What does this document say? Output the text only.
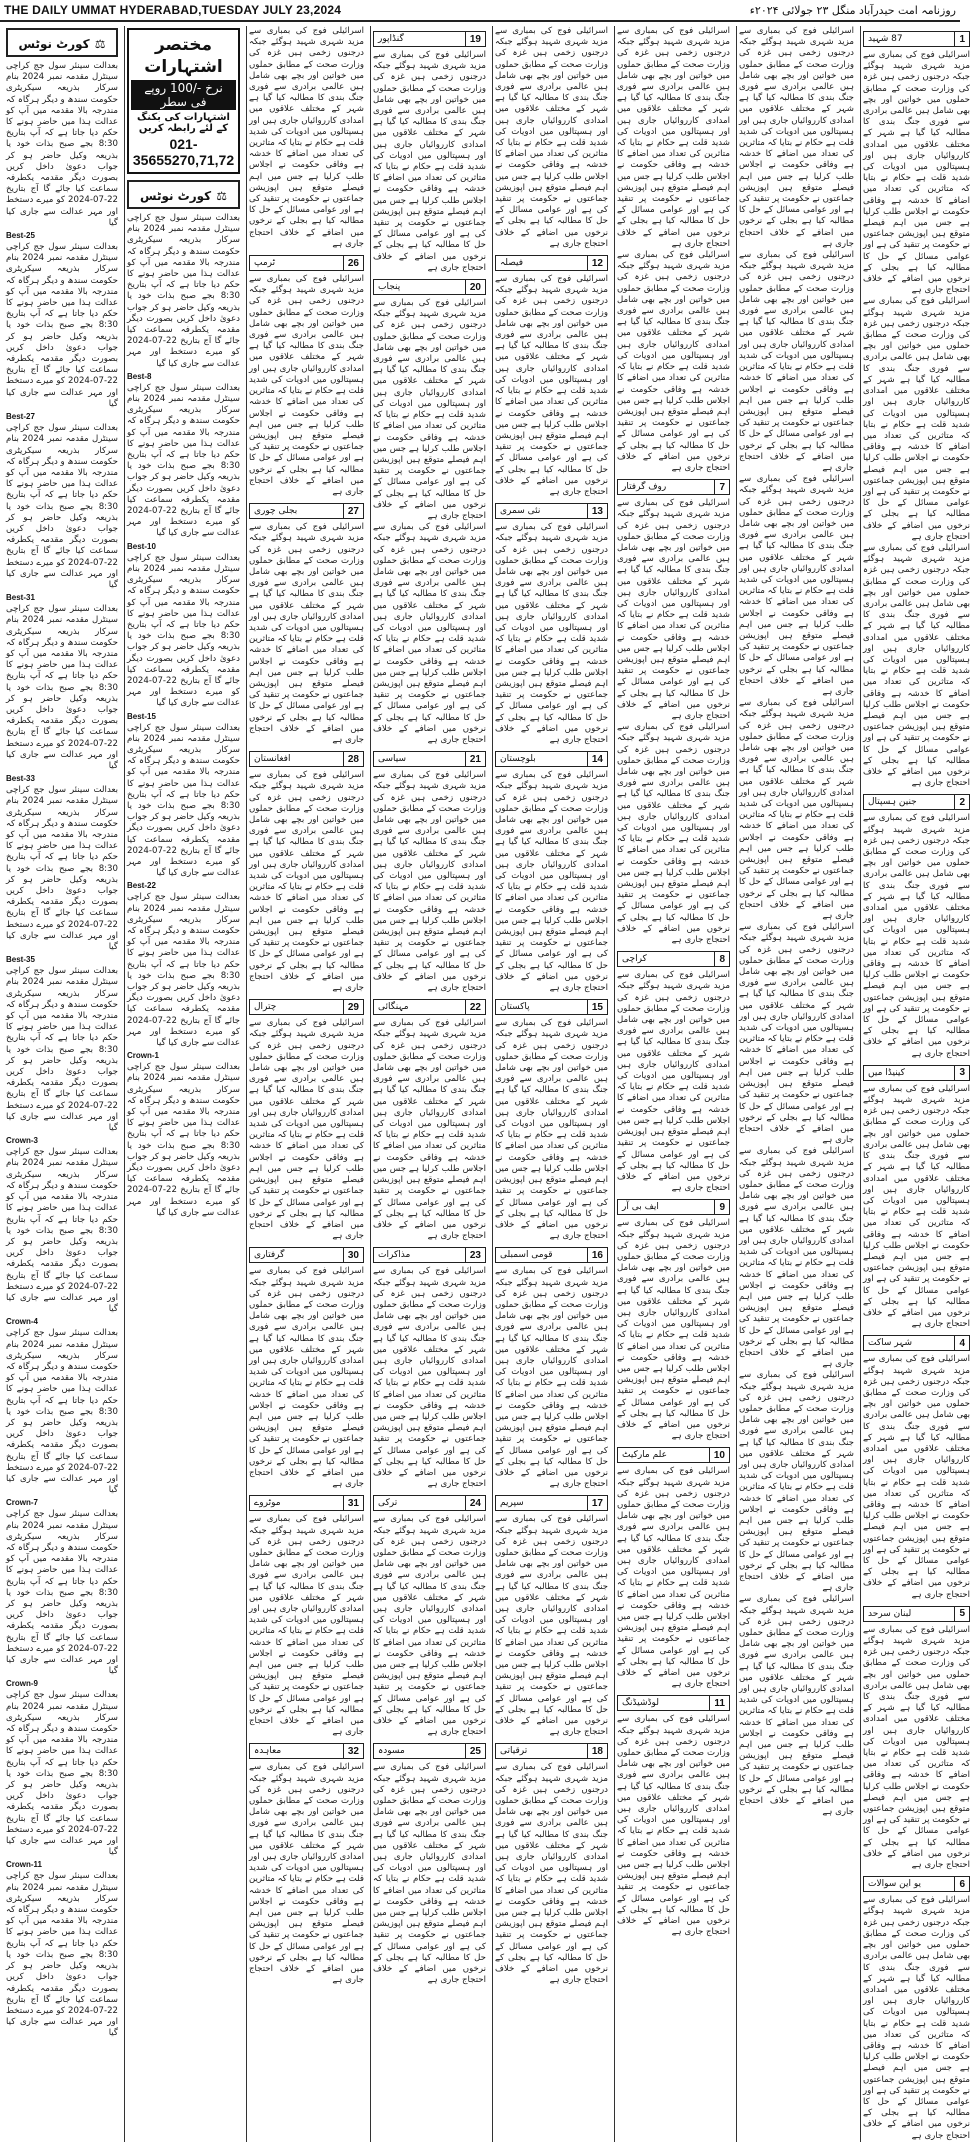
THE DAILY UMMAT HYDERABAD,TUESDAY JULY 23,2024	روزنامہ امت حیدرآباد منگل ۲۳ جولائی ۲۰۲۴ء
⚖ کورٹ نوٹس
بعدالت سینئر سول جج کراچی سینٹرل مقدمہ نمبر 2024 بنام سرکار بذریعہ سیکریٹری حکومت سندھ و دیگر ہرگاہ کہ مندرجہ بالا مقدمہ میں آپ کو عدالت ہذا میں حاضر ہونے کا حکم دیا جاتا ہے کہ آپ بتاریخ 8:30 بجے صبح بذات خود یا بذریعہ وکیل حاضر ہو کر جواب دعویٰ داخل کریں بصورت دیگر مقدمہ یکطرفہ سماعت کیا جائے گا آج بتاریخ 22-07-2024 کو میرے دستخط اور مہر عدالت سے جاری کیا گیا
Best-25
بعدالت سینئر سول جج کراچی سینٹرل مقدمہ نمبر 2024 بنام سرکار بذریعہ سیکریٹری حکومت سندھ و دیگر ہرگاہ کہ مندرجہ بالا مقدمہ میں آپ کو عدالت ہذا میں حاضر ہونے کا حکم دیا جاتا ہے کہ آپ بتاریخ 8:30 بجے صبح بذات خود یا بذریعہ وکیل حاضر ہو کر جواب دعویٰ داخل کریں بصورت دیگر مقدمہ یکطرفہ سماعت کیا جائے گا آج بتاریخ 22-07-2024 کو میرے دستخط اور مہر عدالت سے جاری کیا گیا
Best-27
بعدالت سینئر سول جج کراچی سینٹرل مقدمہ نمبر 2024 بنام سرکار بذریعہ سیکریٹری حکومت سندھ و دیگر ہرگاہ کہ مندرجہ بالا مقدمہ میں آپ کو عدالت ہذا میں حاضر ہونے کا حکم دیا جاتا ہے کہ آپ بتاریخ 8:30 بجے صبح بذات خود یا بذریعہ وکیل حاضر ہو کر جواب دعویٰ داخل کریں بصورت دیگر مقدمہ یکطرفہ سماعت کیا جائے گا آج بتاریخ 22-07-2024 کو میرے دستخط اور مہر عدالت سے جاری کیا گیا
Best-31
بعدالت سینئر سول جج کراچی سینٹرل مقدمہ نمبر 2024 بنام سرکار بذریعہ سیکریٹری حکومت سندھ و دیگر ہرگاہ کہ مندرجہ بالا مقدمہ میں آپ کو عدالت ہذا میں حاضر ہونے کا حکم دیا جاتا ہے کہ آپ بتاریخ 8:30 بجے صبح بذات خود یا بذریعہ وکیل حاضر ہو کر جواب دعویٰ داخل کریں بصورت دیگر مقدمہ یکطرفہ سماعت کیا جائے گا آج بتاریخ 22-07-2024 کو میرے دستخط اور مہر عدالت سے جاری کیا گیا
Best-33
بعدالت سینئر سول جج کراچی سینٹرل مقدمہ نمبر 2024 بنام سرکار بذریعہ سیکریٹری حکومت سندھ و دیگر ہرگاہ کہ مندرجہ بالا مقدمہ میں آپ کو عدالت ہذا میں حاضر ہونے کا حکم دیا جاتا ہے کہ آپ بتاریخ 8:30 بجے صبح بذات خود یا بذریعہ وکیل حاضر ہو کر جواب دعویٰ داخل کریں بصورت دیگر مقدمہ یکطرفہ سماعت کیا جائے گا آج بتاریخ 22-07-2024 کو میرے دستخط اور مہر عدالت سے جاری کیا گیا
Best-35
بعدالت سینئر سول جج کراچی سینٹرل مقدمہ نمبر 2024 بنام سرکار بذریعہ سیکریٹری حکومت سندھ و دیگر ہرگاہ کہ مندرجہ بالا مقدمہ میں آپ کو عدالت ہذا میں حاضر ہونے کا حکم دیا جاتا ہے کہ آپ بتاریخ 8:30 بجے صبح بذات خود یا بذریعہ وکیل حاضر ہو کر جواب دعویٰ داخل کریں بصورت دیگر مقدمہ یکطرفہ سماعت کیا جائے گا آج بتاریخ 22-07-2024 کو میرے دستخط اور مہر عدالت سے جاری کیا گیا
Crown-3
بعدالت سینئر سول جج کراچی سینٹرل مقدمہ نمبر 2024 بنام سرکار بذریعہ سیکریٹری حکومت سندھ و دیگر ہرگاہ کہ مندرجہ بالا مقدمہ میں آپ کو عدالت ہذا میں حاضر ہونے کا حکم دیا جاتا ہے کہ آپ بتاریخ 8:30 بجے صبح بذات خود یا بذریعہ وکیل حاضر ہو کر جواب دعویٰ داخل کریں بصورت دیگر مقدمہ یکطرفہ سماعت کیا جائے گا آج بتاریخ 22-07-2024 کو میرے دستخط اور مہر عدالت سے جاری کیا گیا
Crown-4
بعدالت سینئر سول جج کراچی سینٹرل مقدمہ نمبر 2024 بنام سرکار بذریعہ سیکریٹری حکومت سندھ و دیگر ہرگاہ کہ مندرجہ بالا مقدمہ میں آپ کو عدالت ہذا میں حاضر ہونے کا حکم دیا جاتا ہے کہ آپ بتاریخ 8:30 بجے صبح بذات خود یا بذریعہ وکیل حاضر ہو کر جواب دعویٰ داخل کریں بصورت دیگر مقدمہ یکطرفہ سماعت کیا جائے گا آج بتاریخ 22-07-2024 کو میرے دستخط اور مہر عدالت سے جاری کیا گیا
Crown-7
بعدالت سینئر سول جج کراچی سینٹرل مقدمہ نمبر 2024 بنام سرکار بذریعہ سیکریٹری حکومت سندھ و دیگر ہرگاہ کہ مندرجہ بالا مقدمہ میں آپ کو عدالت ہذا میں حاضر ہونے کا حکم دیا جاتا ہے کہ آپ بتاریخ 8:30 بجے صبح بذات خود یا بذریعہ وکیل حاضر ہو کر جواب دعویٰ داخل کریں بصورت دیگر مقدمہ یکطرفہ سماعت کیا جائے گا آج بتاریخ 22-07-2024 کو میرے دستخط اور مہر عدالت سے جاری کیا گیا
Crown-9
بعدالت سینئر سول جج کراچی سینٹرل مقدمہ نمبر 2024 بنام سرکار بذریعہ سیکریٹری حکومت سندھ و دیگر ہرگاہ کہ مندرجہ بالا مقدمہ میں آپ کو عدالت ہذا میں حاضر ہونے کا حکم دیا جاتا ہے کہ آپ بتاریخ 8:30 بجے صبح بذات خود یا بذریعہ وکیل حاضر ہو کر جواب دعویٰ داخل کریں بصورت دیگر مقدمہ یکطرفہ سماعت کیا جائے گا آج بتاریخ 22-07-2024 کو میرے دستخط اور مہر عدالت سے جاری کیا گیا
Crown-11
بعدالت سینئر سول جج کراچی سینٹرل مقدمہ نمبر 2024 بنام سرکار بذریعہ سیکریٹری حکومت سندھ و دیگر ہرگاہ کہ مندرجہ بالا مقدمہ میں آپ کو عدالت ہذا میں حاضر ہونے کا حکم دیا جاتا ہے کہ آپ بتاریخ 8:30 بجے صبح بذات خود یا بذریعہ وکیل حاضر ہو کر جواب دعویٰ داخل کریں بصورت دیگر مقدمہ یکطرفہ سماعت کیا جائے گا آج بتاریخ 22-07-2024 کو میرے دستخط اور مہر عدالت سے جاری کیا گیا
مختصر اشتہارات
نرخ -/100 روپے فی سطر
اشتہارات کی بکنگ کے لئے رابطہ کریں
021-35655270,71,72
⚖ کورٹ نوٹس
بعدالت سینئر سول جج کراچی سینٹرل مقدمہ نمبر 2024 بنام سرکار بذریعہ سیکریٹری حکومت سندھ و دیگر ہرگاہ کہ مندرجہ بالا مقدمہ میں آپ کو عدالت ہذا میں حاضر ہونے کا حکم دیا جاتا ہے کہ آپ بتاریخ 8:30 بجے صبح بذات خود یا بذریعہ وکیل حاضر ہو کر جواب دعویٰ داخل کریں بصورت دیگر مقدمہ یکطرفہ سماعت کیا جائے گا آج بتاریخ 22-07-2024 کو میرے دستخط اور مہر عدالت سے جاری کیا گیا
Best-8
بعدالت سینئر سول جج کراچی سینٹرل مقدمہ نمبر 2024 بنام سرکار بذریعہ سیکریٹری حکومت سندھ و دیگر ہرگاہ کہ مندرجہ بالا مقدمہ میں آپ کو عدالت ہذا میں حاضر ہونے کا حکم دیا جاتا ہے کہ آپ بتاریخ 8:30 بجے صبح بذات خود یا بذریعہ وکیل حاضر ہو کر جواب دعویٰ داخل کریں بصورت دیگر مقدمہ یکطرفہ سماعت کیا جائے گا آج بتاریخ 22-07-2024 کو میرے دستخط اور مہر عدالت سے جاری کیا گیا
Best-10
بعدالت سینئر سول جج کراچی سینٹرل مقدمہ نمبر 2024 بنام سرکار بذریعہ سیکریٹری حکومت سندھ و دیگر ہرگاہ کہ مندرجہ بالا مقدمہ میں آپ کو عدالت ہذا میں حاضر ہونے کا حکم دیا جاتا ہے کہ آپ بتاریخ 8:30 بجے صبح بذات خود یا بذریعہ وکیل حاضر ہو کر جواب دعویٰ داخل کریں بصورت دیگر مقدمہ یکطرفہ سماعت کیا جائے گا آج بتاریخ 22-07-2024 کو میرے دستخط اور مہر عدالت سے جاری کیا گیا
Best-15
بعدالت سینئر سول جج کراچی سینٹرل مقدمہ نمبر 2024 بنام سرکار بذریعہ سیکریٹری حکومت سندھ و دیگر ہرگاہ کہ مندرجہ بالا مقدمہ میں آپ کو عدالت ہذا میں حاضر ہونے کا حکم دیا جاتا ہے کہ آپ بتاریخ 8:30 بجے صبح بذات خود یا بذریعہ وکیل حاضر ہو کر جواب دعویٰ داخل کریں بصورت دیگر مقدمہ یکطرفہ سماعت کیا جائے گا آج بتاریخ 22-07-2024 کو میرے دستخط اور مہر عدالت سے جاری کیا گیا
Best-22
بعدالت سینئر سول جج کراچی سینٹرل مقدمہ نمبر 2024 بنام سرکار بذریعہ سیکریٹری حکومت سندھ و دیگر ہرگاہ کہ مندرجہ بالا مقدمہ میں آپ کو عدالت ہذا میں حاضر ہونے کا حکم دیا جاتا ہے کہ آپ بتاریخ 8:30 بجے صبح بذات خود یا بذریعہ وکیل حاضر ہو کر جواب دعویٰ داخل کریں بصورت دیگر مقدمہ یکطرفہ سماعت کیا جائے گا آج بتاریخ 22-07-2024 کو میرے دستخط اور مہر عدالت سے جاری کیا گیا
Crown-1
بعدالت سینئر سول جج کراچی سینٹرل مقدمہ نمبر 2024 بنام سرکار بذریعہ سیکریٹری حکومت سندھ و دیگر ہرگاہ کہ مندرجہ بالا مقدمہ میں آپ کو عدالت ہذا میں حاضر ہونے کا حکم دیا جاتا ہے کہ آپ بتاریخ 8:30 بجے صبح بذات خود یا بذریعہ وکیل حاضر ہو کر جواب دعویٰ داخل کریں بصورت دیگر مقدمہ یکطرفہ سماعت کیا جائے گا آج بتاریخ 22-07-2024 کو میرے دستخط اور مہر عدالت سے جاری کیا گیا
اسرائیلی فوج کی بمباری سے مزید شہری شہید ہوگئے جبکہ درجنوں زخمی ہیں غزہ کی وزارت صحت کے مطابق حملوں میں خواتین اور بچے بھی شامل ہیں عالمی برادری سے فوری جنگ بندی کا مطالبہ کیا گیا ہے شہر کے مختلف علاقوں میں امدادی کارروائیاں جاری ہیں اور ہسپتالوں میں ادویات کی شدید قلت ہے حکام نے بتایا کہ متاثرین کی تعداد میں اضافے کا خدشہ ہے وفاقی حکومت نے اجلاس طلب کرلیا ہے جس میں اہم فیصلے متوقع ہیں اپوزیشن جماعتوں نے حکومت پر تنقید کی ہے اور عوامی مسائل کے حل کا مطالبہ کیا ہے بجلی کے نرخوں میں اضافے کے خلاف احتجاج جاری ہے
26
ٹرمپ
اسرائیلی فوج کی بمباری سے مزید شہری شہید ہوگئے جبکہ درجنوں زخمی ہیں غزہ کی وزارت صحت کے مطابق حملوں میں خواتین اور بچے بھی شامل ہیں عالمی برادری سے فوری جنگ بندی کا مطالبہ کیا گیا ہے شہر کے مختلف علاقوں میں امدادی کارروائیاں جاری ہیں اور ہسپتالوں میں ادویات کی شدید قلت ہے حکام نے بتایا کہ متاثرین کی تعداد میں اضافے کا خدشہ ہے وفاقی حکومت نے اجلاس طلب کرلیا ہے جس میں اہم فیصلے متوقع ہیں اپوزیشن جماعتوں نے حکومت پر تنقید کی ہے اور عوامی مسائل کے حل کا مطالبہ کیا ہے بجلی کے نرخوں میں اضافے کے خلاف احتجاج جاری ہے
27
بجلی چوری
اسرائیلی فوج کی بمباری سے مزید شہری شہید ہوگئے جبکہ درجنوں زخمی ہیں غزہ کی وزارت صحت کے مطابق حملوں میں خواتین اور بچے بھی شامل ہیں عالمی برادری سے فوری جنگ بندی کا مطالبہ کیا گیا ہے شہر کے مختلف علاقوں میں امدادی کارروائیاں جاری ہیں اور ہسپتالوں میں ادویات کی شدید قلت ہے حکام نے بتایا کہ متاثرین کی تعداد میں اضافے کا خدشہ ہے وفاقی حکومت نے اجلاس طلب کرلیا ہے جس میں اہم فیصلے متوقع ہیں اپوزیشن جماعتوں نے حکومت پر تنقید کی ہے اور عوامی مسائل کے حل کا مطالبہ کیا ہے بجلی کے نرخوں میں اضافے کے خلاف احتجاج جاری ہے
28
افغانستان
اسرائیلی فوج کی بمباری سے مزید شہری شہید ہوگئے جبکہ درجنوں زخمی ہیں غزہ کی وزارت صحت کے مطابق حملوں میں خواتین اور بچے بھی شامل ہیں عالمی برادری سے فوری جنگ بندی کا مطالبہ کیا گیا ہے شہر کے مختلف علاقوں میں امدادی کارروائیاں جاری ہیں اور ہسپتالوں میں ادویات کی شدید قلت ہے حکام نے بتایا کہ متاثرین کی تعداد میں اضافے کا خدشہ ہے وفاقی حکومت نے اجلاس طلب کرلیا ہے جس میں اہم فیصلے متوقع ہیں اپوزیشن جماعتوں نے حکومت پر تنقید کی ہے اور عوامی مسائل کے حل کا مطالبہ کیا ہے بجلی کے نرخوں میں اضافے کے خلاف احتجاج جاری ہے
29
چترال
اسرائیلی فوج کی بمباری سے مزید شہری شہید ہوگئے جبکہ درجنوں زخمی ہیں غزہ کی وزارت صحت کے مطابق حملوں میں خواتین اور بچے بھی شامل ہیں عالمی برادری سے فوری جنگ بندی کا مطالبہ کیا گیا ہے شہر کے مختلف علاقوں میں امدادی کارروائیاں جاری ہیں اور ہسپتالوں میں ادویات کی شدید قلت ہے حکام نے بتایا کہ متاثرین کی تعداد میں اضافے کا خدشہ ہے وفاقی حکومت نے اجلاس طلب کرلیا ہے جس میں اہم فیصلے متوقع ہیں اپوزیشن جماعتوں نے حکومت پر تنقید کی ہے اور عوامی مسائل کے حل کا مطالبہ کیا ہے بجلی کے نرخوں میں اضافے کے خلاف احتجاج جاری ہے
30
گرفتاری
اسرائیلی فوج کی بمباری سے مزید شہری شہید ہوگئے جبکہ درجنوں زخمی ہیں غزہ کی وزارت صحت کے مطابق حملوں میں خواتین اور بچے بھی شامل ہیں عالمی برادری سے فوری جنگ بندی کا مطالبہ کیا گیا ہے شہر کے مختلف علاقوں میں امدادی کارروائیاں جاری ہیں اور ہسپتالوں میں ادویات کی شدید قلت ہے حکام نے بتایا کہ متاثرین کی تعداد میں اضافے کا خدشہ ہے وفاقی حکومت نے اجلاس طلب کرلیا ہے جس میں اہم فیصلے متوقع ہیں اپوزیشن جماعتوں نے حکومت پر تنقید کی ہے اور عوامی مسائل کے حل کا مطالبہ کیا ہے بجلی کے نرخوں میں اضافے کے خلاف احتجاج جاری ہے
31
موٹروے
اسرائیلی فوج کی بمباری سے مزید شہری شہید ہوگئے جبکہ درجنوں زخمی ہیں غزہ کی وزارت صحت کے مطابق حملوں میں خواتین اور بچے بھی شامل ہیں عالمی برادری سے فوری جنگ بندی کا مطالبہ کیا گیا ہے شہر کے مختلف علاقوں میں امدادی کارروائیاں جاری ہیں اور ہسپتالوں میں ادویات کی شدید قلت ہے حکام نے بتایا کہ متاثرین کی تعداد میں اضافے کا خدشہ ہے وفاقی حکومت نے اجلاس طلب کرلیا ہے جس میں اہم فیصلے متوقع ہیں اپوزیشن جماعتوں نے حکومت پر تنقید کی ہے اور عوامی مسائل کے حل کا مطالبہ کیا ہے بجلی کے نرخوں میں اضافے کے خلاف احتجاج جاری ہے
32
معاہدہ
اسرائیلی فوج کی بمباری سے مزید شہری شہید ہوگئے جبکہ درجنوں زخمی ہیں غزہ کی وزارت صحت کے مطابق حملوں میں خواتین اور بچے بھی شامل ہیں عالمی برادری سے فوری جنگ بندی کا مطالبہ کیا گیا ہے شہر کے مختلف علاقوں میں امدادی کارروائیاں جاری ہیں اور ہسپتالوں میں ادویات کی شدید قلت ہے حکام نے بتایا کہ متاثرین کی تعداد میں اضافے کا خدشہ ہے وفاقی حکومت نے اجلاس طلب کرلیا ہے جس میں اہم فیصلے متوقع ہیں اپوزیشن جماعتوں نے حکومت پر تنقید کی ہے اور عوامی مسائل کے حل کا مطالبہ کیا ہے بجلی کے نرخوں میں اضافے کے خلاف احتجاج جاری ہے
19
گنڈاپور
اسرائیلی فوج کی بمباری سے مزید شہری شہید ہوگئے جبکہ درجنوں زخمی ہیں غزہ کی وزارت صحت کے مطابق حملوں میں خواتین اور بچے بھی شامل ہیں عالمی برادری سے فوری جنگ بندی کا مطالبہ کیا گیا ہے شہر کے مختلف علاقوں میں امدادی کارروائیاں جاری ہیں اور ہسپتالوں میں ادویات کی شدید قلت ہے حکام نے بتایا کہ متاثرین کی تعداد میں اضافے کا خدشہ ہے وفاقی حکومت نے اجلاس طلب کرلیا ہے جس میں اہم فیصلے متوقع ہیں اپوزیشن جماعتوں نے حکومت پر تنقید کی ہے اور عوامی مسائل کے حل کا مطالبہ کیا ہے بجلی کے نرخوں میں اضافے کے خلاف احتجاج جاری ہے
20
پنجاب
اسرائیلی فوج کی بمباری سے مزید شہری شہید ہوگئے جبکہ درجنوں زخمی ہیں غزہ کی وزارت صحت کے مطابق حملوں میں خواتین اور بچے بھی شامل ہیں عالمی برادری سے فوری جنگ بندی کا مطالبہ کیا گیا ہے شہر کے مختلف علاقوں میں امدادی کارروائیاں جاری ہیں اور ہسپتالوں میں ادویات کی شدید قلت ہے حکام نے بتایا کہ متاثرین کی تعداد میں اضافے کا خدشہ ہے وفاقی حکومت نے اجلاس طلب کرلیا ہے جس میں اہم فیصلے متوقع ہیں اپوزیشن جماعتوں نے حکومت پر تنقید کی ہے اور عوامی مسائل کے حل کا مطالبہ کیا ہے بجلی کے نرخوں میں اضافے کے خلاف احتجاج جاری ہے
اسرائیلی فوج کی بمباری سے مزید شہری شہید ہوگئے جبکہ درجنوں زخمی ہیں غزہ کی وزارت صحت کے مطابق حملوں میں خواتین اور بچے بھی شامل ہیں عالمی برادری سے فوری جنگ بندی کا مطالبہ کیا گیا ہے شہر کے مختلف علاقوں میں امدادی کارروائیاں جاری ہیں اور ہسپتالوں میں ادویات کی شدید قلت ہے حکام نے بتایا کہ متاثرین کی تعداد میں اضافے کا خدشہ ہے وفاقی حکومت نے اجلاس طلب کرلیا ہے جس میں اہم فیصلے متوقع ہیں اپوزیشن جماعتوں نے حکومت پر تنقید کی ہے اور عوامی مسائل کے حل کا مطالبہ کیا ہے بجلی کے نرخوں میں اضافے کے خلاف احتجاج جاری ہے
21
سیاسی
اسرائیلی فوج کی بمباری سے مزید شہری شہید ہوگئے جبکہ درجنوں زخمی ہیں غزہ کی وزارت صحت کے مطابق حملوں میں خواتین اور بچے بھی شامل ہیں عالمی برادری سے فوری جنگ بندی کا مطالبہ کیا گیا ہے شہر کے مختلف علاقوں میں امدادی کارروائیاں جاری ہیں اور ہسپتالوں میں ادویات کی شدید قلت ہے حکام نے بتایا کہ متاثرین کی تعداد میں اضافے کا خدشہ ہے وفاقی حکومت نے اجلاس طلب کرلیا ہے جس میں اہم فیصلے متوقع ہیں اپوزیشن جماعتوں نے حکومت پر تنقید کی ہے اور عوامی مسائل کے حل کا مطالبہ کیا ہے بجلی کے نرخوں میں اضافے کے خلاف احتجاج جاری ہے
22
مہنگائی
اسرائیلی فوج کی بمباری سے مزید شہری شہید ہوگئے جبکہ درجنوں زخمی ہیں غزہ کی وزارت صحت کے مطابق حملوں میں خواتین اور بچے بھی شامل ہیں عالمی برادری سے فوری جنگ بندی کا مطالبہ کیا گیا ہے شہر کے مختلف علاقوں میں امدادی کارروائیاں جاری ہیں اور ہسپتالوں میں ادویات کی شدید قلت ہے حکام نے بتایا کہ متاثرین کی تعداد میں اضافے کا خدشہ ہے وفاقی حکومت نے اجلاس طلب کرلیا ہے جس میں اہم فیصلے متوقع ہیں اپوزیشن جماعتوں نے حکومت پر تنقید کی ہے اور عوامی مسائل کے حل کا مطالبہ کیا ہے بجلی کے نرخوں میں اضافے کے خلاف احتجاج جاری ہے
23
مذاکرات
اسرائیلی فوج کی بمباری سے مزید شہری شہید ہوگئے جبکہ درجنوں زخمی ہیں غزہ کی وزارت صحت کے مطابق حملوں میں خواتین اور بچے بھی شامل ہیں عالمی برادری سے فوری جنگ بندی کا مطالبہ کیا گیا ہے شہر کے مختلف علاقوں میں امدادی کارروائیاں جاری ہیں اور ہسپتالوں میں ادویات کی شدید قلت ہے حکام نے بتایا کہ متاثرین کی تعداد میں اضافے کا خدشہ ہے وفاقی حکومت نے اجلاس طلب کرلیا ہے جس میں اہم فیصلے متوقع ہیں اپوزیشن جماعتوں نے حکومت پر تنقید کی ہے اور عوامی مسائل کے حل کا مطالبہ کیا ہے بجلی کے نرخوں میں اضافے کے خلاف احتجاج جاری ہے
24
ترکی
اسرائیلی فوج کی بمباری سے مزید شہری شہید ہوگئے جبکہ درجنوں زخمی ہیں غزہ کی وزارت صحت کے مطابق حملوں میں خواتین اور بچے بھی شامل ہیں عالمی برادری سے فوری جنگ بندی کا مطالبہ کیا گیا ہے شہر کے مختلف علاقوں میں امدادی کارروائیاں جاری ہیں اور ہسپتالوں میں ادویات کی شدید قلت ہے حکام نے بتایا کہ متاثرین کی تعداد میں اضافے کا خدشہ ہے وفاقی حکومت نے اجلاس طلب کرلیا ہے جس میں اہم فیصلے متوقع ہیں اپوزیشن جماعتوں نے حکومت پر تنقید کی ہے اور عوامی مسائل کے حل کا مطالبہ کیا ہے بجلی کے نرخوں میں اضافے کے خلاف احتجاج جاری ہے
25
مسودہ
اسرائیلی فوج کی بمباری سے مزید شہری شہید ہوگئے جبکہ درجنوں زخمی ہیں غزہ کی وزارت صحت کے مطابق حملوں میں خواتین اور بچے بھی شامل ہیں عالمی برادری سے فوری جنگ بندی کا مطالبہ کیا گیا ہے شہر کے مختلف علاقوں میں امدادی کارروائیاں جاری ہیں اور ہسپتالوں میں ادویات کی شدید قلت ہے حکام نے بتایا کہ متاثرین کی تعداد میں اضافے کا خدشہ ہے وفاقی حکومت نے اجلاس طلب کرلیا ہے جس میں اہم فیصلے متوقع ہیں اپوزیشن جماعتوں نے حکومت پر تنقید کی ہے اور عوامی مسائل کے حل کا مطالبہ کیا ہے بجلی کے نرخوں میں اضافے کے خلاف احتجاج جاری ہے
اسرائیلی فوج کی بمباری سے مزید شہری شہید ہوگئے جبکہ درجنوں زخمی ہیں غزہ کی وزارت صحت کے مطابق حملوں میں خواتین اور بچے بھی شامل ہیں عالمی برادری سے فوری جنگ بندی کا مطالبہ کیا گیا ہے شہر کے مختلف علاقوں میں امدادی کارروائیاں جاری ہیں اور ہسپتالوں میں ادویات کی شدید قلت ہے حکام نے بتایا کہ متاثرین کی تعداد میں اضافے کا خدشہ ہے وفاقی حکومت نے اجلاس طلب کرلیا ہے جس میں اہم فیصلے متوقع ہیں اپوزیشن جماعتوں نے حکومت پر تنقید کی ہے اور عوامی مسائل کے حل کا مطالبہ کیا ہے بجلی کے نرخوں میں اضافے کے خلاف احتجاج جاری ہے
12
فیصلہ
اسرائیلی فوج کی بمباری سے مزید شہری شہید ہوگئے جبکہ درجنوں زخمی ہیں غزہ کی وزارت صحت کے مطابق حملوں میں خواتین اور بچے بھی شامل ہیں عالمی برادری سے فوری جنگ بندی کا مطالبہ کیا گیا ہے شہر کے مختلف علاقوں میں امدادی کارروائیاں جاری ہیں اور ہسپتالوں میں ادویات کی شدید قلت ہے حکام نے بتایا کہ متاثرین کی تعداد میں اضافے کا خدشہ ہے وفاقی حکومت نے اجلاس طلب کرلیا ہے جس میں اہم فیصلے متوقع ہیں اپوزیشن جماعتوں نے حکومت پر تنقید کی ہے اور عوامی مسائل کے حل کا مطالبہ کیا ہے بجلی کے نرخوں میں اضافے کے خلاف احتجاج جاری ہے
13
نئی سمری
اسرائیلی فوج کی بمباری سے مزید شہری شہید ہوگئے جبکہ درجنوں زخمی ہیں غزہ کی وزارت صحت کے مطابق حملوں میں خواتین اور بچے بھی شامل ہیں عالمی برادری سے فوری جنگ بندی کا مطالبہ کیا گیا ہے شہر کے مختلف علاقوں میں امدادی کارروائیاں جاری ہیں اور ہسپتالوں میں ادویات کی شدید قلت ہے حکام نے بتایا کہ متاثرین کی تعداد میں اضافے کا خدشہ ہے وفاقی حکومت نے اجلاس طلب کرلیا ہے جس میں اہم فیصلے متوقع ہیں اپوزیشن جماعتوں نے حکومت پر تنقید کی ہے اور عوامی مسائل کے حل کا مطالبہ کیا ہے بجلی کے نرخوں میں اضافے کے خلاف احتجاج جاری ہے
14
بلوچستان
اسرائیلی فوج کی بمباری سے مزید شہری شہید ہوگئے جبکہ درجنوں زخمی ہیں غزہ کی وزارت صحت کے مطابق حملوں میں خواتین اور بچے بھی شامل ہیں عالمی برادری سے فوری جنگ بندی کا مطالبہ کیا گیا ہے شہر کے مختلف علاقوں میں امدادی کارروائیاں جاری ہیں اور ہسپتالوں میں ادویات کی شدید قلت ہے حکام نے بتایا کہ متاثرین کی تعداد میں اضافے کا خدشہ ہے وفاقی حکومت نے اجلاس طلب کرلیا ہے جس میں اہم فیصلے متوقع ہیں اپوزیشن جماعتوں نے حکومت پر تنقید کی ہے اور عوامی مسائل کے حل کا مطالبہ کیا ہے بجلی کے نرخوں میں اضافے کے خلاف احتجاج جاری ہے
15
پاکستان
اسرائیلی فوج کی بمباری سے مزید شہری شہید ہوگئے جبکہ درجنوں زخمی ہیں غزہ کی وزارت صحت کے مطابق حملوں میں خواتین اور بچے بھی شامل ہیں عالمی برادری سے فوری جنگ بندی کا مطالبہ کیا گیا ہے شہر کے مختلف علاقوں میں امدادی کارروائیاں جاری ہیں اور ہسپتالوں میں ادویات کی شدید قلت ہے حکام نے بتایا کہ متاثرین کی تعداد میں اضافے کا خدشہ ہے وفاقی حکومت نے اجلاس طلب کرلیا ہے جس میں اہم فیصلے متوقع ہیں اپوزیشن جماعتوں نے حکومت پر تنقید کی ہے اور عوامی مسائل کے حل کا مطالبہ کیا ہے بجلی کے نرخوں میں اضافے کے خلاف احتجاج جاری ہے
16
قومی اسمبلی
اسرائیلی فوج کی بمباری سے مزید شہری شہید ہوگئے جبکہ درجنوں زخمی ہیں غزہ کی وزارت صحت کے مطابق حملوں میں خواتین اور بچے بھی شامل ہیں عالمی برادری سے فوری جنگ بندی کا مطالبہ کیا گیا ہے شہر کے مختلف علاقوں میں امدادی کارروائیاں جاری ہیں اور ہسپتالوں میں ادویات کی شدید قلت ہے حکام نے بتایا کہ متاثرین کی تعداد میں اضافے کا خدشہ ہے وفاقی حکومت نے اجلاس طلب کرلیا ہے جس میں اہم فیصلے متوقع ہیں اپوزیشن جماعتوں نے حکومت پر تنقید کی ہے اور عوامی مسائل کے حل کا مطالبہ کیا ہے بجلی کے نرخوں میں اضافے کے خلاف احتجاج جاری ہے
17
سپریم
اسرائیلی فوج کی بمباری سے مزید شہری شہید ہوگئے جبکہ درجنوں زخمی ہیں غزہ کی وزارت صحت کے مطابق حملوں میں خواتین اور بچے بھی شامل ہیں عالمی برادری سے فوری جنگ بندی کا مطالبہ کیا گیا ہے شہر کے مختلف علاقوں میں امدادی کارروائیاں جاری ہیں اور ہسپتالوں میں ادویات کی شدید قلت ہے حکام نے بتایا کہ متاثرین کی تعداد میں اضافے کا خدشہ ہے وفاقی حکومت نے اجلاس طلب کرلیا ہے جس میں اہم فیصلے متوقع ہیں اپوزیشن جماعتوں نے حکومت پر تنقید کی ہے اور عوامی مسائل کے حل کا مطالبہ کیا ہے بجلی کے نرخوں میں اضافے کے خلاف احتجاج جاری ہے
18
ترقیاتی
اسرائیلی فوج کی بمباری سے مزید شہری شہید ہوگئے جبکہ درجنوں زخمی ہیں غزہ کی وزارت صحت کے مطابق حملوں میں خواتین اور بچے بھی شامل ہیں عالمی برادری سے فوری جنگ بندی کا مطالبہ کیا گیا ہے شہر کے مختلف علاقوں میں امدادی کارروائیاں جاری ہیں اور ہسپتالوں میں ادویات کی شدید قلت ہے حکام نے بتایا کہ متاثرین کی تعداد میں اضافے کا خدشہ ہے وفاقی حکومت نے اجلاس طلب کرلیا ہے جس میں اہم فیصلے متوقع ہیں اپوزیشن جماعتوں نے حکومت پر تنقید کی ہے اور عوامی مسائل کے حل کا مطالبہ کیا ہے بجلی کے نرخوں میں اضافے کے خلاف احتجاج جاری ہے
اسرائیلی فوج کی بمباری سے مزید شہری شہید ہوگئے جبکہ درجنوں زخمی ہیں غزہ کی وزارت صحت کے مطابق حملوں میں خواتین اور بچے بھی شامل ہیں عالمی برادری سے فوری جنگ بندی کا مطالبہ کیا گیا ہے شہر کے مختلف علاقوں میں امدادی کارروائیاں جاری ہیں اور ہسپتالوں میں ادویات کی شدید قلت ہے حکام نے بتایا کہ متاثرین کی تعداد میں اضافے کا خدشہ ہے وفاقی حکومت نے اجلاس طلب کرلیا ہے جس میں اہم فیصلے متوقع ہیں اپوزیشن جماعتوں نے حکومت پر تنقید کی ہے اور عوامی مسائل کے حل کا مطالبہ کیا ہے بجلی کے نرخوں میں اضافے کے خلاف احتجاج جاری ہے
اسرائیلی فوج کی بمباری سے مزید شہری شہید ہوگئے جبکہ درجنوں زخمی ہیں غزہ کی وزارت صحت کے مطابق حملوں میں خواتین اور بچے بھی شامل ہیں عالمی برادری سے فوری جنگ بندی کا مطالبہ کیا گیا ہے شہر کے مختلف علاقوں میں امدادی کارروائیاں جاری ہیں اور ہسپتالوں میں ادویات کی شدید قلت ہے حکام نے بتایا کہ متاثرین کی تعداد میں اضافے کا خدشہ ہے وفاقی حکومت نے اجلاس طلب کرلیا ہے جس میں اہم فیصلے متوقع ہیں اپوزیشن جماعتوں نے حکومت پر تنقید کی ہے اور عوامی مسائل کے حل کا مطالبہ کیا ہے بجلی کے نرخوں میں اضافے کے خلاف احتجاج جاری ہے
7
روف گرفتار
اسرائیلی فوج کی بمباری سے مزید شہری شہید ہوگئے جبکہ درجنوں زخمی ہیں غزہ کی وزارت صحت کے مطابق حملوں میں خواتین اور بچے بھی شامل ہیں عالمی برادری سے فوری جنگ بندی کا مطالبہ کیا گیا ہے شہر کے مختلف علاقوں میں امدادی کارروائیاں جاری ہیں اور ہسپتالوں میں ادویات کی شدید قلت ہے حکام نے بتایا کہ متاثرین کی تعداد میں اضافے کا خدشہ ہے وفاقی حکومت نے اجلاس طلب کرلیا ہے جس میں اہم فیصلے متوقع ہیں اپوزیشن جماعتوں نے حکومت پر تنقید کی ہے اور عوامی مسائل کے حل کا مطالبہ کیا ہے بجلی کے نرخوں میں اضافے کے خلاف احتجاج جاری ہے
اسرائیلی فوج کی بمباری سے مزید شہری شہید ہوگئے جبکہ درجنوں زخمی ہیں غزہ کی وزارت صحت کے مطابق حملوں میں خواتین اور بچے بھی شامل ہیں عالمی برادری سے فوری جنگ بندی کا مطالبہ کیا گیا ہے شہر کے مختلف علاقوں میں امدادی کارروائیاں جاری ہیں اور ہسپتالوں میں ادویات کی شدید قلت ہے حکام نے بتایا کہ متاثرین کی تعداد میں اضافے کا خدشہ ہے وفاقی حکومت نے اجلاس طلب کرلیا ہے جس میں اہم فیصلے متوقع ہیں اپوزیشن جماعتوں نے حکومت پر تنقید کی ہے اور عوامی مسائل کے حل کا مطالبہ کیا ہے بجلی کے نرخوں میں اضافے کے خلاف احتجاج جاری ہے
8
کراچی
اسرائیلی فوج کی بمباری سے مزید شہری شہید ہوگئے جبکہ درجنوں زخمی ہیں غزہ کی وزارت صحت کے مطابق حملوں میں خواتین اور بچے بھی شامل ہیں عالمی برادری سے فوری جنگ بندی کا مطالبہ کیا گیا ہے شہر کے مختلف علاقوں میں امدادی کارروائیاں جاری ہیں اور ہسپتالوں میں ادویات کی شدید قلت ہے حکام نے بتایا کہ متاثرین کی تعداد میں اضافے کا خدشہ ہے وفاقی حکومت نے اجلاس طلب کرلیا ہے جس میں اہم فیصلے متوقع ہیں اپوزیشن جماعتوں نے حکومت پر تنقید کی ہے اور عوامی مسائل کے حل کا مطالبہ کیا ہے بجلی کے نرخوں میں اضافے کے خلاف احتجاج جاری ہے
9
ایف بی آر
اسرائیلی فوج کی بمباری سے مزید شہری شہید ہوگئے جبکہ درجنوں زخمی ہیں غزہ کی وزارت صحت کے مطابق حملوں میں خواتین اور بچے بھی شامل ہیں عالمی برادری سے فوری جنگ بندی کا مطالبہ کیا گیا ہے شہر کے مختلف علاقوں میں امدادی کارروائیاں جاری ہیں اور ہسپتالوں میں ادویات کی شدید قلت ہے حکام نے بتایا کہ متاثرین کی تعداد میں اضافے کا خدشہ ہے وفاقی حکومت نے اجلاس طلب کرلیا ہے جس میں اہم فیصلے متوقع ہیں اپوزیشن جماعتوں نے حکومت پر تنقید کی ہے اور عوامی مسائل کے حل کا مطالبہ کیا ہے بجلی کے نرخوں میں اضافے کے خلاف احتجاج جاری ہے
10
علم مارکیٹ
اسرائیلی فوج کی بمباری سے مزید شہری شہید ہوگئے جبکہ درجنوں زخمی ہیں غزہ کی وزارت صحت کے مطابق حملوں میں خواتین اور بچے بھی شامل ہیں عالمی برادری سے فوری جنگ بندی کا مطالبہ کیا گیا ہے شہر کے مختلف علاقوں میں امدادی کارروائیاں جاری ہیں اور ہسپتالوں میں ادویات کی شدید قلت ہے حکام نے بتایا کہ متاثرین کی تعداد میں اضافے کا خدشہ ہے وفاقی حکومت نے اجلاس طلب کرلیا ہے جس میں اہم فیصلے متوقع ہیں اپوزیشن جماعتوں نے حکومت پر تنقید کی ہے اور عوامی مسائل کے حل کا مطالبہ کیا ہے بجلی کے نرخوں میں اضافے کے خلاف احتجاج جاری ہے
11
لوڈشیڈنگ
اسرائیلی فوج کی بمباری سے مزید شہری شہید ہوگئے جبکہ درجنوں زخمی ہیں غزہ کی وزارت صحت کے مطابق حملوں میں خواتین اور بچے بھی شامل ہیں عالمی برادری سے فوری جنگ بندی کا مطالبہ کیا گیا ہے شہر کے مختلف علاقوں میں امدادی کارروائیاں جاری ہیں اور ہسپتالوں میں ادویات کی شدید قلت ہے حکام نے بتایا کہ متاثرین کی تعداد میں اضافے کا خدشہ ہے وفاقی حکومت نے اجلاس طلب کرلیا ہے جس میں اہم فیصلے متوقع ہیں اپوزیشن جماعتوں نے حکومت پر تنقید کی ہے اور عوامی مسائل کے حل کا مطالبہ کیا ہے بجلی کے نرخوں میں اضافے کے خلاف احتجاج جاری ہے
اسرائیلی فوج کی بمباری سے مزید شہری شہید ہوگئے جبکہ درجنوں زخمی ہیں غزہ کی وزارت صحت کے مطابق حملوں میں خواتین اور بچے بھی شامل ہیں عالمی برادری سے فوری جنگ بندی کا مطالبہ کیا گیا ہے شہر کے مختلف علاقوں میں امدادی کارروائیاں جاری ہیں اور ہسپتالوں میں ادویات کی شدید قلت ہے حکام نے بتایا کہ متاثرین کی تعداد میں اضافے کا خدشہ ہے وفاقی حکومت نے اجلاس طلب کرلیا ہے جس میں اہم فیصلے متوقع ہیں اپوزیشن جماعتوں نے حکومت پر تنقید کی ہے اور عوامی مسائل کے حل کا مطالبہ کیا ہے بجلی کے نرخوں میں اضافے کے خلاف احتجاج جاری ہے
اسرائیلی فوج کی بمباری سے مزید شہری شہید ہوگئے جبکہ درجنوں زخمی ہیں غزہ کی وزارت صحت کے مطابق حملوں میں خواتین اور بچے بھی شامل ہیں عالمی برادری سے فوری جنگ بندی کا مطالبہ کیا گیا ہے شہر کے مختلف علاقوں میں امدادی کارروائیاں جاری ہیں اور ہسپتالوں میں ادویات کی شدید قلت ہے حکام نے بتایا کہ متاثرین کی تعداد میں اضافے کا خدشہ ہے وفاقی حکومت نے اجلاس طلب کرلیا ہے جس میں اہم فیصلے متوقع ہیں اپوزیشن جماعتوں نے حکومت پر تنقید کی ہے اور عوامی مسائل کے حل کا مطالبہ کیا ہے بجلی کے نرخوں میں اضافے کے خلاف احتجاج جاری ہے
اسرائیلی فوج کی بمباری سے مزید شہری شہید ہوگئے جبکہ درجنوں زخمی ہیں غزہ کی وزارت صحت کے مطابق حملوں میں خواتین اور بچے بھی شامل ہیں عالمی برادری سے فوری جنگ بندی کا مطالبہ کیا گیا ہے شہر کے مختلف علاقوں میں امدادی کارروائیاں جاری ہیں اور ہسپتالوں میں ادویات کی شدید قلت ہے حکام نے بتایا کہ متاثرین کی تعداد میں اضافے کا خدشہ ہے وفاقی حکومت نے اجلاس طلب کرلیا ہے جس میں اہم فیصلے متوقع ہیں اپوزیشن جماعتوں نے حکومت پر تنقید کی ہے اور عوامی مسائل کے حل کا مطالبہ کیا ہے بجلی کے نرخوں میں اضافے کے خلاف احتجاج جاری ہے
اسرائیلی فوج کی بمباری سے مزید شہری شہید ہوگئے جبکہ درجنوں زخمی ہیں غزہ کی وزارت صحت کے مطابق حملوں میں خواتین اور بچے بھی شامل ہیں عالمی برادری سے فوری جنگ بندی کا مطالبہ کیا گیا ہے شہر کے مختلف علاقوں میں امدادی کارروائیاں جاری ہیں اور ہسپتالوں میں ادویات کی شدید قلت ہے حکام نے بتایا کہ متاثرین کی تعداد میں اضافے کا خدشہ ہے وفاقی حکومت نے اجلاس طلب کرلیا ہے جس میں اہم فیصلے متوقع ہیں اپوزیشن جماعتوں نے حکومت پر تنقید کی ہے اور عوامی مسائل کے حل کا مطالبہ کیا ہے بجلی کے نرخوں میں اضافے کے خلاف احتجاج جاری ہے
اسرائیلی فوج کی بمباری سے مزید شہری شہید ہوگئے جبکہ درجنوں زخمی ہیں غزہ کی وزارت صحت کے مطابق حملوں میں خواتین اور بچے بھی شامل ہیں عالمی برادری سے فوری جنگ بندی کا مطالبہ کیا گیا ہے شہر کے مختلف علاقوں میں امدادی کارروائیاں جاری ہیں اور ہسپتالوں میں ادویات کی شدید قلت ہے حکام نے بتایا کہ متاثرین کی تعداد میں اضافے کا خدشہ ہے وفاقی حکومت نے اجلاس طلب کرلیا ہے جس میں اہم فیصلے متوقع ہیں اپوزیشن جماعتوں نے حکومت پر تنقید کی ہے اور عوامی مسائل کے حل کا مطالبہ کیا ہے بجلی کے نرخوں میں اضافے کے خلاف احتجاج جاری ہے
اسرائیلی فوج کی بمباری سے مزید شہری شہید ہوگئے جبکہ درجنوں زخمی ہیں غزہ کی وزارت صحت کے مطابق حملوں میں خواتین اور بچے بھی شامل ہیں عالمی برادری سے فوری جنگ بندی کا مطالبہ کیا گیا ہے شہر کے مختلف علاقوں میں امدادی کارروائیاں جاری ہیں اور ہسپتالوں میں ادویات کی شدید قلت ہے حکام نے بتایا کہ متاثرین کی تعداد میں اضافے کا خدشہ ہے وفاقی حکومت نے اجلاس طلب کرلیا ہے جس میں اہم فیصلے متوقع ہیں اپوزیشن جماعتوں نے حکومت پر تنقید کی ہے اور عوامی مسائل کے حل کا مطالبہ کیا ہے بجلی کے نرخوں میں اضافے کے خلاف احتجاج جاری ہے
اسرائیلی فوج کی بمباری سے مزید شہری شہید ہوگئے جبکہ درجنوں زخمی ہیں غزہ کی وزارت صحت کے مطابق حملوں میں خواتین اور بچے بھی شامل ہیں عالمی برادری سے فوری جنگ بندی کا مطالبہ کیا گیا ہے شہر کے مختلف علاقوں میں امدادی کارروائیاں جاری ہیں اور ہسپتالوں میں ادویات کی شدید قلت ہے حکام نے بتایا کہ متاثرین کی تعداد میں اضافے کا خدشہ ہے وفاقی حکومت نے اجلاس طلب کرلیا ہے جس میں اہم فیصلے متوقع ہیں اپوزیشن جماعتوں نے حکومت پر تنقید کی ہے اور عوامی مسائل کے حل کا مطالبہ کیا ہے بجلی کے نرخوں میں اضافے کے خلاف احتجاج جاری ہے
اسرائیلی فوج کی بمباری سے مزید شہری شہید ہوگئے جبکہ درجنوں زخمی ہیں غزہ کی وزارت صحت کے مطابق حملوں میں خواتین اور بچے بھی شامل ہیں عالمی برادری سے فوری جنگ بندی کا مطالبہ کیا گیا ہے شہر کے مختلف علاقوں میں امدادی کارروائیاں جاری ہیں اور ہسپتالوں میں ادویات کی شدید قلت ہے حکام نے بتایا کہ متاثرین کی تعداد میں اضافے کا خدشہ ہے وفاقی حکومت نے اجلاس طلب کرلیا ہے جس میں اہم فیصلے متوقع ہیں اپوزیشن جماعتوں نے حکومت پر تنقید کی ہے اور عوامی مسائل کے حل کا مطالبہ کیا ہے بجلی کے نرخوں میں اضافے کے خلاف احتجاج جاری ہے
1
87 شہید
اسرائیلی فوج کی بمباری سے مزید شہری شہید ہوگئے جبکہ درجنوں زخمی ہیں غزہ کی وزارت صحت کے مطابق حملوں میں خواتین اور بچے بھی شامل ہیں عالمی برادری سے فوری جنگ بندی کا مطالبہ کیا گیا ہے شہر کے مختلف علاقوں میں امدادی کارروائیاں جاری ہیں اور ہسپتالوں میں ادویات کی شدید قلت ہے حکام نے بتایا کہ متاثرین کی تعداد میں اضافے کا خدشہ ہے وفاقی حکومت نے اجلاس طلب کرلیا ہے جس میں اہم فیصلے متوقع ہیں اپوزیشن جماعتوں نے حکومت پر تنقید کی ہے اور عوامی مسائل کے حل کا مطالبہ کیا ہے بجلی کے نرخوں میں اضافے کے خلاف احتجاج جاری ہے
اسرائیلی فوج کی بمباری سے مزید شہری شہید ہوگئے جبکہ درجنوں زخمی ہیں غزہ کی وزارت صحت کے مطابق حملوں میں خواتین اور بچے بھی شامل ہیں عالمی برادری سے فوری جنگ بندی کا مطالبہ کیا گیا ہے شہر کے مختلف علاقوں میں امدادی کارروائیاں جاری ہیں اور ہسپتالوں میں ادویات کی شدید قلت ہے حکام نے بتایا کہ متاثرین کی تعداد میں اضافے کا خدشہ ہے وفاقی حکومت نے اجلاس طلب کرلیا ہے جس میں اہم فیصلے متوقع ہیں اپوزیشن جماعتوں نے حکومت پر تنقید کی ہے اور عوامی مسائل کے حل کا مطالبہ کیا ہے بجلی کے نرخوں میں اضافے کے خلاف احتجاج جاری ہے
اسرائیلی فوج کی بمباری سے مزید شہری شہید ہوگئے جبکہ درجنوں زخمی ہیں غزہ کی وزارت صحت کے مطابق حملوں میں خواتین اور بچے بھی شامل ہیں عالمی برادری سے فوری جنگ بندی کا مطالبہ کیا گیا ہے شہر کے مختلف علاقوں میں امدادی کارروائیاں جاری ہیں اور ہسپتالوں میں ادویات کی شدید قلت ہے حکام نے بتایا کہ متاثرین کی تعداد میں اضافے کا خدشہ ہے وفاقی حکومت نے اجلاس طلب کرلیا ہے جس میں اہم فیصلے متوقع ہیں اپوزیشن جماعتوں نے حکومت پر تنقید کی ہے اور عوامی مسائل کے حل کا مطالبہ کیا ہے بجلی کے نرخوں میں اضافے کے خلاف احتجاج جاری ہے
2
جنین ہسپتال
اسرائیلی فوج کی بمباری سے مزید شہری شہید ہوگئے جبکہ درجنوں زخمی ہیں غزہ کی وزارت صحت کے مطابق حملوں میں خواتین اور بچے بھی شامل ہیں عالمی برادری سے فوری جنگ بندی کا مطالبہ کیا گیا ہے شہر کے مختلف علاقوں میں امدادی کارروائیاں جاری ہیں اور ہسپتالوں میں ادویات کی شدید قلت ہے حکام نے بتایا کہ متاثرین کی تعداد میں اضافے کا خدشہ ہے وفاقی حکومت نے اجلاس طلب کرلیا ہے جس میں اہم فیصلے متوقع ہیں اپوزیشن جماعتوں نے حکومت پر تنقید کی ہے اور عوامی مسائل کے حل کا مطالبہ کیا ہے بجلی کے نرخوں میں اضافے کے خلاف احتجاج جاری ہے
3
کینیڈا میں
اسرائیلی فوج کی بمباری سے مزید شہری شہید ہوگئے جبکہ درجنوں زخمی ہیں غزہ کی وزارت صحت کے مطابق حملوں میں خواتین اور بچے بھی شامل ہیں عالمی برادری سے فوری جنگ بندی کا مطالبہ کیا گیا ہے شہر کے مختلف علاقوں میں امدادی کارروائیاں جاری ہیں اور ہسپتالوں میں ادویات کی شدید قلت ہے حکام نے بتایا کہ متاثرین کی تعداد میں اضافے کا خدشہ ہے وفاقی حکومت نے اجلاس طلب کرلیا ہے جس میں اہم فیصلے متوقع ہیں اپوزیشن جماعتوں نے حکومت پر تنقید کی ہے اور عوامی مسائل کے حل کا مطالبہ کیا ہے بجلی کے نرخوں میں اضافے کے خلاف احتجاج جاری ہے
4
شہر ساکت
اسرائیلی فوج کی بمباری سے مزید شہری شہید ہوگئے جبکہ درجنوں زخمی ہیں غزہ کی وزارت صحت کے مطابق حملوں میں خواتین اور بچے بھی شامل ہیں عالمی برادری سے فوری جنگ بندی کا مطالبہ کیا گیا ہے شہر کے مختلف علاقوں میں امدادی کارروائیاں جاری ہیں اور ہسپتالوں میں ادویات کی شدید قلت ہے حکام نے بتایا کہ متاثرین کی تعداد میں اضافے کا خدشہ ہے وفاقی حکومت نے اجلاس طلب کرلیا ہے جس میں اہم فیصلے متوقع ہیں اپوزیشن جماعتوں نے حکومت پر تنقید کی ہے اور عوامی مسائل کے حل کا مطالبہ کیا ہے بجلی کے نرخوں میں اضافے کے خلاف احتجاج جاری ہے
5
لبنان سرحد
اسرائیلی فوج کی بمباری سے مزید شہری شہید ہوگئے جبکہ درجنوں زخمی ہیں غزہ کی وزارت صحت کے مطابق حملوں میں خواتین اور بچے بھی شامل ہیں عالمی برادری سے فوری جنگ بندی کا مطالبہ کیا گیا ہے شہر کے مختلف علاقوں میں امدادی کارروائیاں جاری ہیں اور ہسپتالوں میں ادویات کی شدید قلت ہے حکام نے بتایا کہ متاثرین کی تعداد میں اضافے کا خدشہ ہے وفاقی حکومت نے اجلاس طلب کرلیا ہے جس میں اہم فیصلے متوقع ہیں اپوزیشن جماعتوں نے حکومت پر تنقید کی ہے اور عوامی مسائل کے حل کا مطالبہ کیا ہے بجلی کے نرخوں میں اضافے کے خلاف احتجاج جاری ہے
6
یو این سوالات
اسرائیلی فوج کی بمباری سے مزید شہری شہید ہوگئے جبکہ درجنوں زخمی ہیں غزہ کی وزارت صحت کے مطابق حملوں میں خواتین اور بچے بھی شامل ہیں عالمی برادری سے فوری جنگ بندی کا مطالبہ کیا گیا ہے شہر کے مختلف علاقوں میں امدادی کارروائیاں جاری ہیں اور ہسپتالوں میں ادویات کی شدید قلت ہے حکام نے بتایا کہ متاثرین کی تعداد میں اضافے کا خدشہ ہے وفاقی حکومت نے اجلاس طلب کرلیا ہے جس میں اہم فیصلے متوقع ہیں اپوزیشن جماعتوں نے حکومت پر تنقید کی ہے اور عوامی مسائل کے حل کا مطالبہ کیا ہے بجلی کے نرخوں میں اضافے کے خلاف احتجاج جاری ہے
